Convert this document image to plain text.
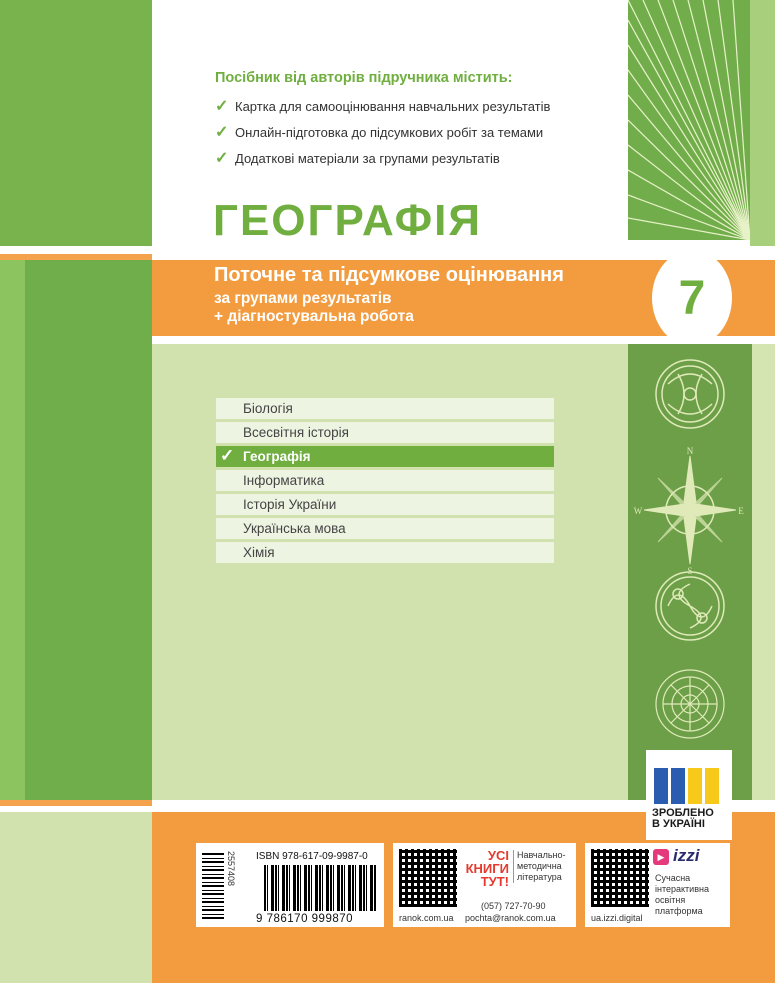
Посібник від авторів підручника містить:
✓ Картка для самооцінювання навчальних результатів
✓ Онлайн-підготовка до підсумкових робіт за темами
✓ Додаткові матеріали за групами результатів
ГЕОГРАФІЯ
Поточне та підсумкове оцінювання
за групами результатів
+ діагностувальна робота	7
N
E
S
W
Біологія
Всесвітня історія
✓ Географія
Інформатика
Історія України
Українська мова
Хімія
ЗРОБЛЕНО
В УКРАЇНІ
2557408 ISBN 978-617-09-9987-0
9 786170 999870	ranok.com.ua
УСІ
КНИГИ
ТУТ!
Навчально-
методична
література
(057) 727-70-90
pochta@ranok.com.ua	ua.izzi.digital
▶ izzi
Сучасна
інтерактивна
освітня
платформа
